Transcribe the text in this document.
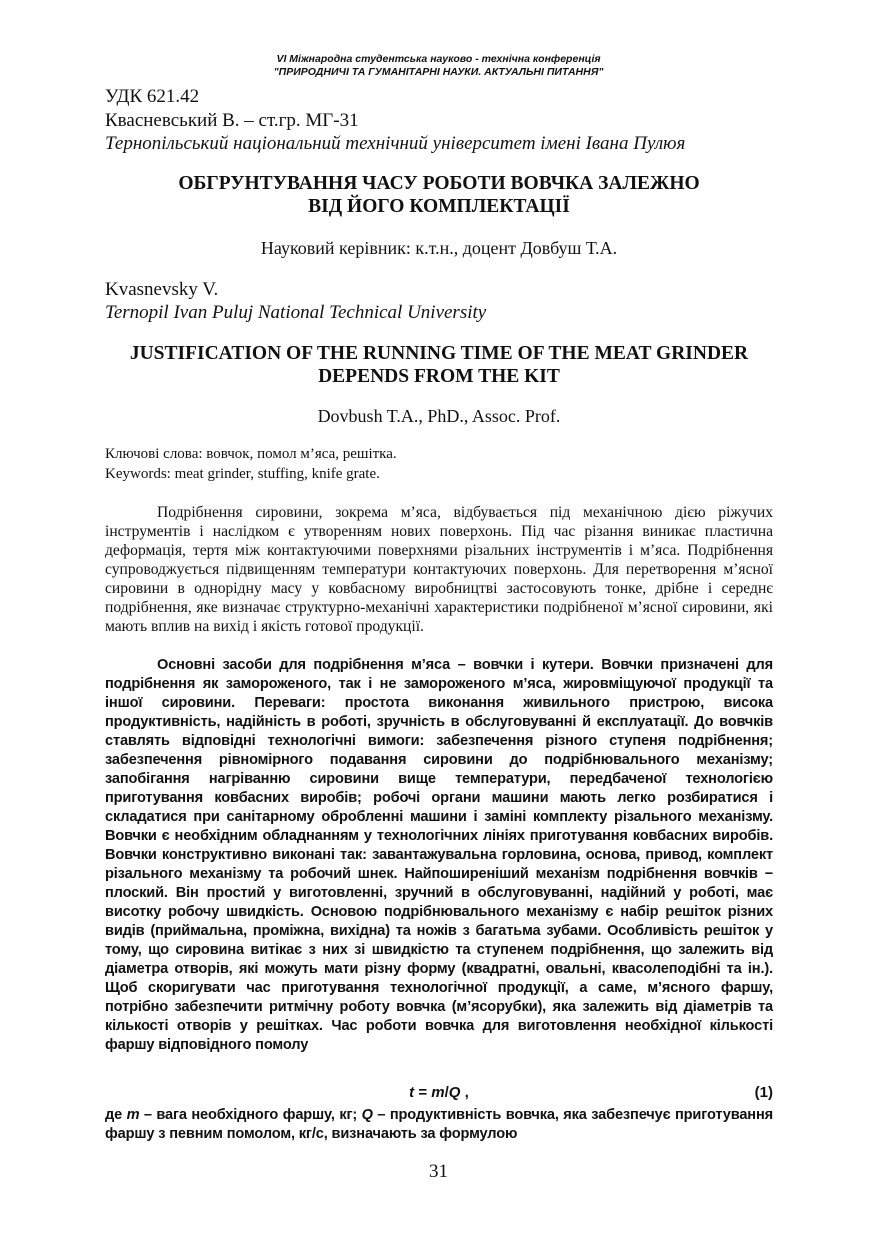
VI Міжнародна студентська науково - технічна конференція
"ПРИРОДНИЧІ ТА ГУМАНІТАРНІ НАУКИ. АКТУАЛЬНІ ПИТАННЯ"
УДК 621.42
Квасневський В. – ст.гр. МГ-31
Тернопільський національний технічний університет імені Івана Пулюя
ОБГРУНТУВАННЯ ЧАСУ РОБОТИ ВОВЧКА ЗАЛЕЖНО
ВІД ЙОГО КОМПЛЕКТАЦІЇ
Науковий керівник: к.т.н., доцент Довбуш Т.А.
Kvasnevsky V.
Ternopil Ivan Puluj National Technical University
JUSTIFICATION OF THE RUNNING TIME OF THE MEAT GRINDER
DEPENDS FROM THE KIT
Dovbush T.A., PhD., Assoc. Prof.
Ключові слова: вовчок, помол м’яса, решітка.
Keywords: meat grinder, stuffing, knife grate.

Подрібнення сировини, зокрема м’яса, відбувається під механічною дією ріжучих інструментів і наслідком є утворенням нових поверхонь. Під час різання виникає пластична деформація, тертя між контактуючими поверхнями різальних інструментів і м’яса. Подрібнення супроводжується підвищенням температури контактуючих поверхонь. Для перетворення м’ясної сировини в однорідну масу у ковбасному виробництві застосовують тонке, дрібне і середнє подрібнення, яке визначає структурно-механічні характеристики подрібненої м’ясної сировини, які мають вплив на вихід і якість готової продукції.

Основні засоби для подрібнення м’яса – вовчки і кутери. Вовчки призначені для подрібнення як замороженого, так і не замороженого м’яса, жировміщуючої продукції та іншої сировини. Переваги: простота виконання живильного пристрою, висока продуктивність, надійність в роботі, зручність в обслуговуванні й експлуатації. До вовчків ставлять відповідні технологічні вимоги: забезпечення різного ступеня подрібнення; забезпечення рівномірного подавання сировини до подрібнювального механізму; запобігання нагріванню сировини вище температури, передбаченої технологією приготування ковбасних виробів; робочі органи машини мають легко розбиратися і складатися при санітарному обробленні машини і заміні комплекту різального механізму. Вовчки є необхідним обладнанням у технологічних лініях приготування ковбасних виробів. Вовчки конструктивно виконані так: завантажувальна горловина, основа, привод, комплект різального механізму та робочий шнек. Найпоширеніший механізм подрібнення вовчків − плоский. Він простий у виготовленні, зручний в обслуговуванні, надійний у роботі, має висотку робочу швидкість. Основою подрібнювального механізму є набір решіток різних видів (приймальна, проміжна, вихідна) та ножів з багатьма зубами. Особливість решіток у тому, що сировина витікає з них зі швидкістю та ступенем подрібнення, що залежить від діаметра отворів, які можуть мати різну форму (квадратні, овальні, квасолеподібні та ін.). Щоб скоригувати час приготування технологічної продукції, а саме, м’ясного фаршу, потрібно забезпечити ритмічну роботу вовчка (м’ясорубки), яка залежить від діаметрів та кількості отворів у решітках. Час роботи вовчка для виготовлення необхідної кількості фаршу відповідного помолу

t = m/Q ,	(1)

де m – вага необхідного фаршу, кг; Q – продуктивність вовчка, яка забезпечує приготування фаршу з певним помолом, кг/с, визначають за формулою

31
